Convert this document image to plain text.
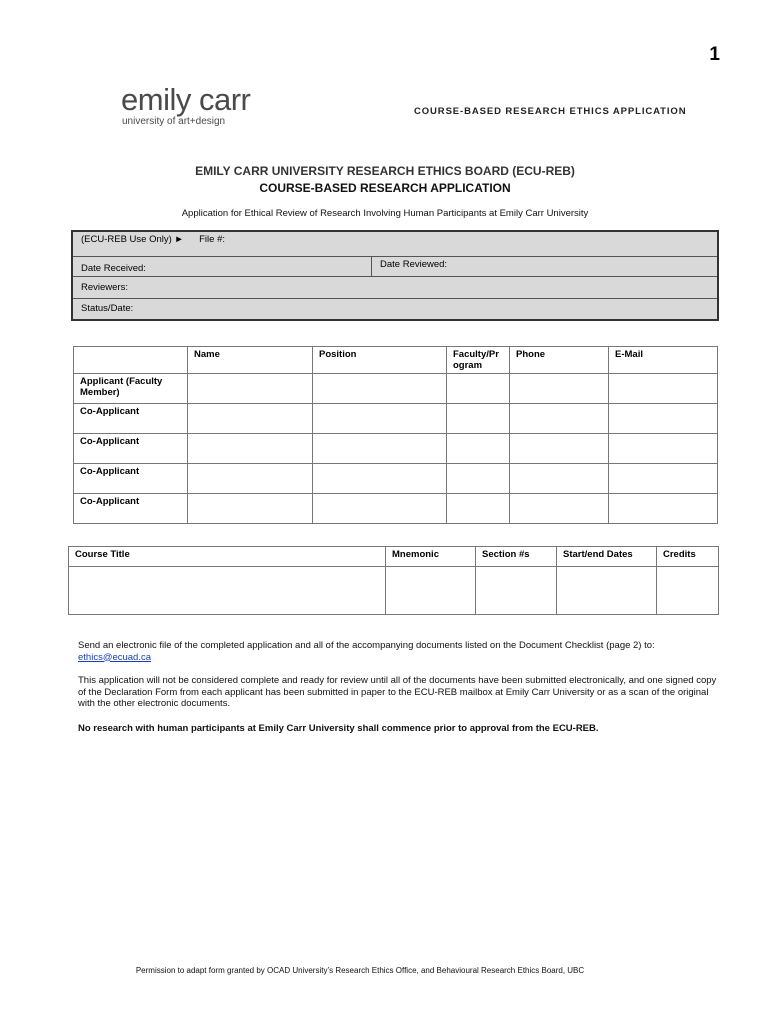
1
emily carr
university of art+design
COURSE-BASED RESEARCH ETHICS APPLICATION
EMILY CARR UNIVERSITY RESEARCH ETHICS BOARD (ECU-REB)
COURSE-BASED RESEARCH APPLICATION
Application for Ethical Review of Research Involving Human Participants at Emily Carr University
(ECU-REB Use Only) ► File #:
Date Received:	Date Reviewed:
Reviewers:
Status/Date:
	Name	Position	Faculty/Pr ogram	Phone	E-Mail
Applicant (Faculty Member)					
Co-Applicant					
Co-Applicant					
Co-Applicant					
Co-Applicant					
Course Title	Mnemonic	Section #s	Start/end Dates	Credits

Send an electronic file of the completed application and all of the accompanying documents listed on the Document Checklist (page 2) to:
ethics@ecuad.ca
This application will not be considered complete and ready for review until all of the documents have been submitted electronically, and one signed copy of the Declaration Form from each applicant has been submitted in paper to the ECU-REB mailbox at Emily Carr University or as a scan of the original with the other electronic documents.
No research with human participants at Emily Carr University shall commence prior to approval from the ECU-REB.
Permission to adapt form granted by OCAD University’s Research Ethics Office, and Behavioural Research Ethics Board, UBC
